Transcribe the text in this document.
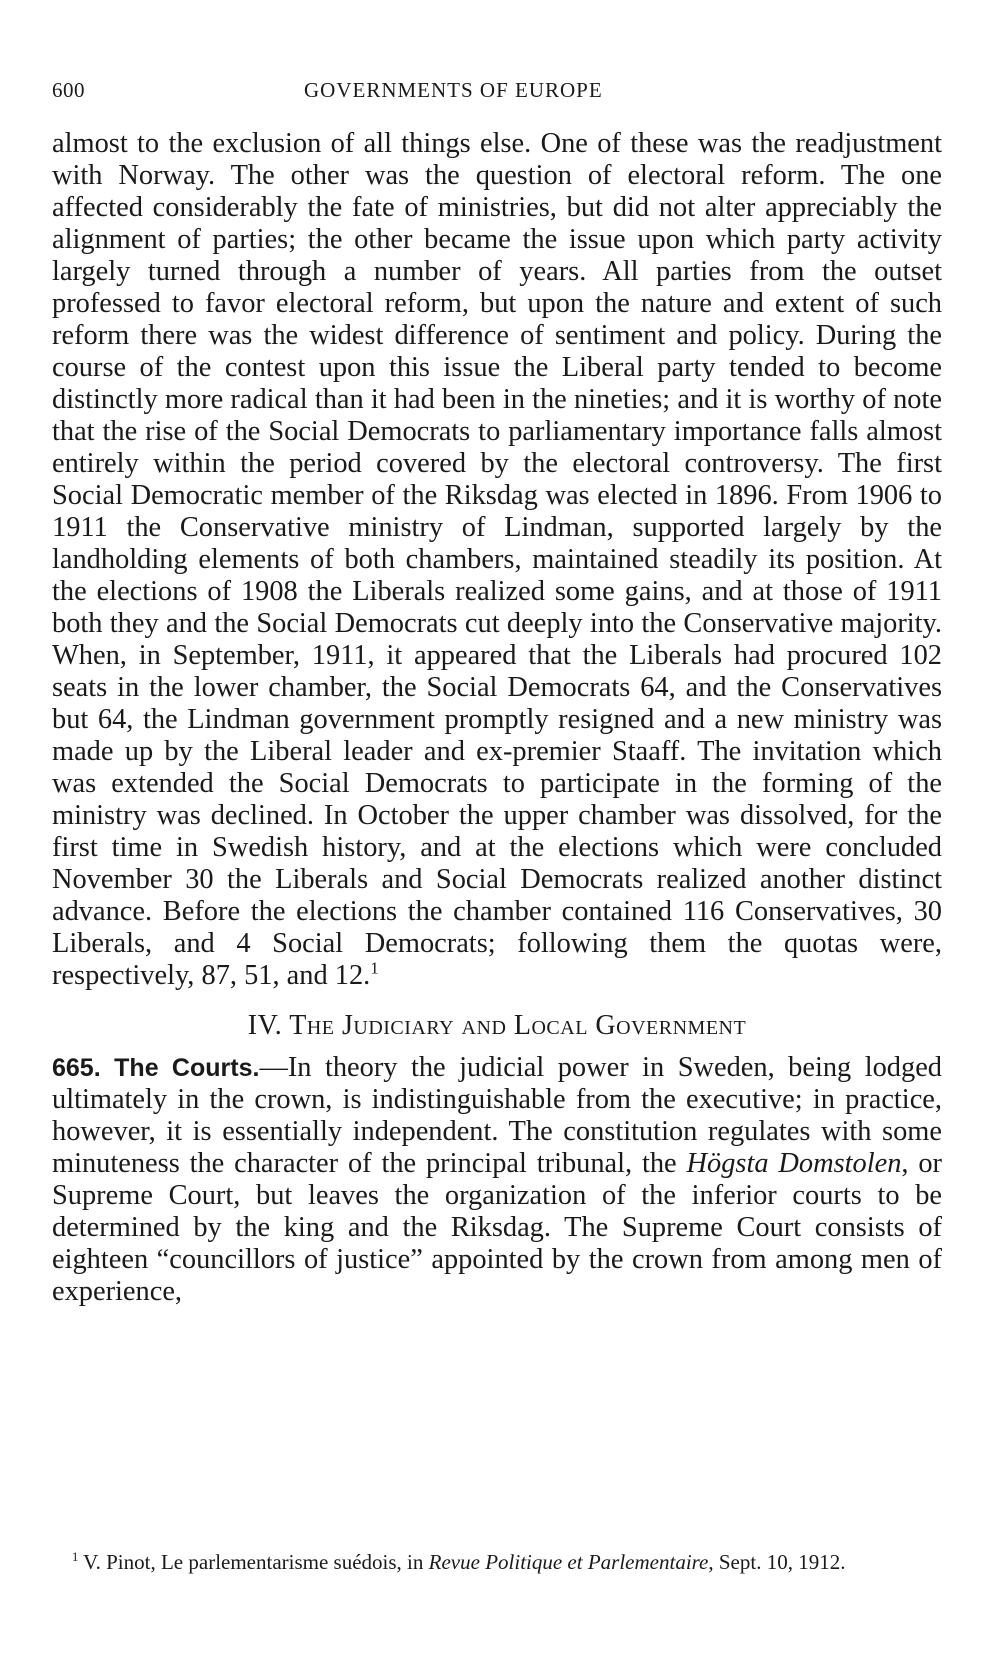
600	GOVERNMENTS OF EUROPE

almost to the exclusion of all things else. One of these was the readjustment with Norway. The other was the question of electoral reform. The one affected considerably the fate of ministries, but did not alter appreciably the alignment of parties; the other became the issue upon which party activity largely turned through a number of years. All parties from the outset professed to favor electoral reform, but upon the nature and extent of such reform there was the widest difference of sentiment and policy. During the course of the contest upon this issue the Liberal party tended to become distinctly more radical than it had been in the nineties; and it is worthy of note that the rise of the Social Democrats to parliamentary importance falls almost entirely within the period covered by the electoral controversy. The first Social Democratic member of the Riksdag was elected in 1896. From 1906 to 1911 the Conservative ministry of Lindman, supported largely by the landholding elements of both chambers, maintained steadily its position. At the elections of 1908 the Liberals realized some gains, and at those of 1911 both they and the Social Democrats cut deeply into the Conservative majority. When, in September, 1911, it appeared that the Liberals had procured 102 seats in the lower chamber, the Social Democrats 64, and the Conservatives but 64, the Lindman government promptly resigned and a new ministry was made up by the Liberal leader and ex-premier Staaff. The invitation which was extended the Social Democrats to participate in the forming of the ministry was declined. In October the upper chamber was dissolved, for the first time in Swedish history, and at the elections which were concluded November 30 the Liberals and Social Democrats realized another distinct advance. Before the elections the chamber contained 116 Conservatives, 30 Liberals, and 4 Social Democrats; following them the quotas were, respectively, 87, 51, and 12.$^1$

IV. The Judiciary and Local Government

665. The Courts.—In theory the judicial power in Sweden, being lodged ultimately in the crown, is indistinguishable from the executive; in practice, however, it is essentially independent. The constitution regulates with some minuteness the character of the principal tribunal, the Högsta Domstolen, or Supreme Court, but leaves the organization of the inferior courts to be determined by the king and the Riksdag. The Supreme Court consists of eighteen “councillors of justice” appointed by the crown from among men of experience,

$^1$ V. Pinot, Le parlementarisme suédois, in Revue Politique et Parlementaire, Sept. 10, 1912.
